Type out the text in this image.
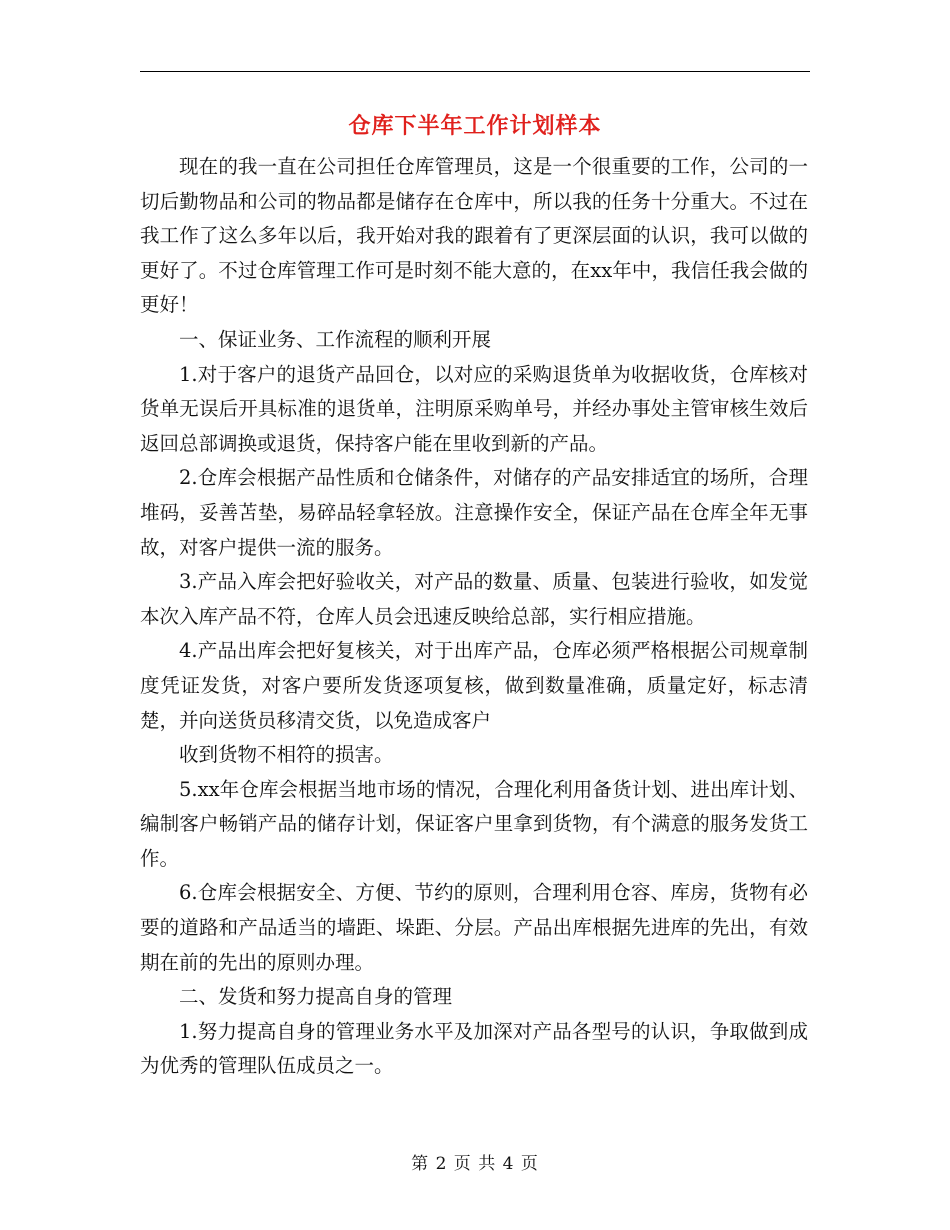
仓库下半年工作计划样本

现在的我一直在公司担任仓库管理员，这是一个很重要的工作，公司的一切后勤物品和公司的物品都是储存在仓库中，所以我的任务十分重大。不过在我工作了这么多年以后，我开始对我的跟着有了更深层面的认识，我可以做的更好了。不过仓库管理工作可是时刻不能大意的，在xx年中，我信任我会做的更好！

一、保证业务、工作流程的顺利开展

1.对于客户的退货产品回仓，以对应的采购退货单为收据收货，仓库核对货单无误后开具标准的退货单，注明原采购单号，并经办事处主管审核生效后返回总部调换或退货，保持客户能在里收到新的产品。

2.仓库会根据产品性质和仓储条件，对储存的产品安排适宜的场所，合理堆码，妥善苫垫，易碎品轻拿轻放。注意操作安全，保证产品在仓库全年无事故，对客户提供一流的服务。

3.产品入库会把好验收关，对产品的数量、质量、包装进行验收，如发觉本次入库产品不符，仓库人员会迅速反映给总部，实行相应措施。

4.产品出库会把好复核关，对于出库产品，仓库必须严格根据公司规章制度凭证发货，对客户要所发货逐项复核，做到数量准确，质量定好，标志清楚，并向送货员移清交货，以免造成客户

收到货物不相符的损害。

5.xx年仓库会根据当地市场的情况，合理化利用备货计划、进出库计划、编制客户畅销产品的储存计划，保证客户里拿到货物，有个满意的服务发货工作。

6.仓库会根据安全、方便、节约的原则，合理利用仓容、库房，货物有必要的道路和产品适当的墙距、垛距、分层。产品出库根据先进库的先出，有效期在前的先出的原则办理。

二、发货和努力提高自身的管理

1.努力提高自身的管理业务水平及加深对产品各型号的认识，争取做到成为优秀的管理队伍成员之一。

第 2 页 共 4 页
